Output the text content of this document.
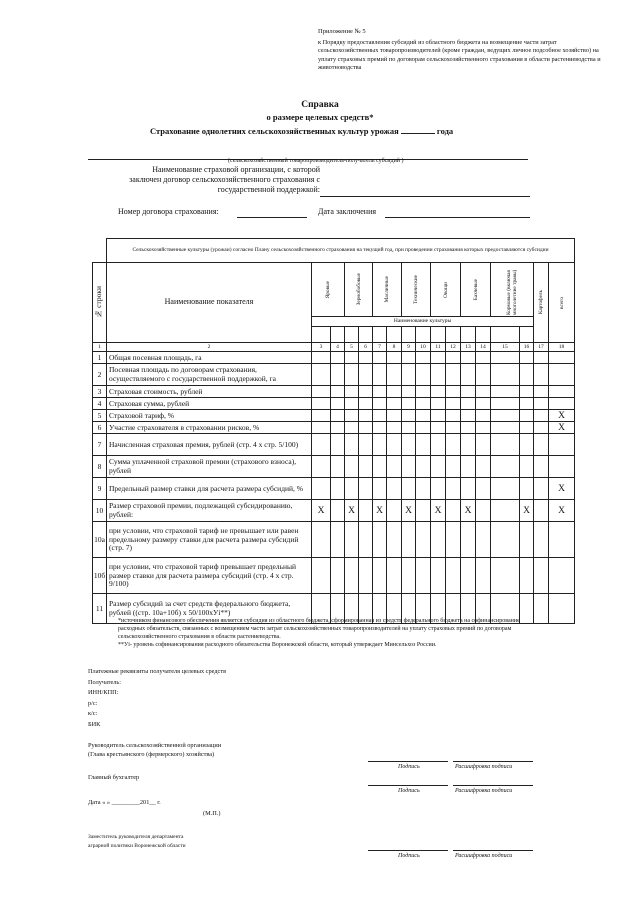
Приложение № 5
к Порядку предоставления субсидий из областного бюджета на возмещение части затрат сельскохозяйственных товаропроизводителей (кроме граждан, ведущих личное подсобное хозяйство) на уплату страховых премий по договорам сельскохозяйственного страхования в области растениеводства и животноводства
Справка
о размере целевых средств*
Страхование однолетних сельскохозяйственных культур урожая	года
(сельскохозяйственный товаропроизводитель-получатель субсидий )
Наименование страховой организации, с которой заключен договор сельскохозяйственного страхования с государственной поддержкой:
Номер договора страхования:	Дата заключения
	Сельскохозяйственные культуры (урожаи) согласно Плану сельскохозяйственного страхования на текущий год, при проведении страхования которых предоставляются субсидии																

№ строки	Наименование показателя	Яровые		Зернобобовые		Масличные		Технические		Овощи		Бахчевые		Кормовые (включая многолетние травы)		Картофель	всего

		Наименование культуры															

1	2	3	4	5	6	7	8	9	10	11	12	13	14	15	16	17	18
1	Общая посевная площадь, га																
2	Посевная площадь по договорам страхования, осуществляемого с государственной поддержкой, га																
3	Страховая стоимость, рублей																
4	Страховая сумма, рублей																
5	Страховой тариф, %																Х
6	Участие страхователя в страховании рисков, %																Х
7	Начисленная страховая премия, рублей (стр. 4 х стр. 5/100)																
8	Сумма уплаченной страховой премии (страхового взноса), рублей																
9	Предельный размер ставки для расчета размера субсидий, %																Х
10	Размер страховой премии, подлежащей субсидированию, рублей:	Х		Х		Х		Х		Х		Х			Х		Х
10а	при условии, что страховой тариф не превышает или равен предельному размеру ставки для расчета размера субсидий (стр. 7)																
10б	при условии, что страховой тариф превышает предельный размер ставки для расчета размера субсидий (стр. 4 х стр. 9/100)																
11	Размер субсидий за счет средств федерального бюджета, рублей ((стр. 10а+10б) х 50/100хУi**)																
*источником финансового обеспечения является субсидия из областного бюджета, сформированная из средств федерального бюджета на софинансирование расходных обязательств, связанных с возмещением части затрат сельскохозяйственных товаропроизводителей на уплату страховых премий по договорам сельскохозяйственного страхования в области растениеводства.
**Уi- уровень софинансирования расходного обязательства Воронежской области, который утверждает Минсельхоз России.
Платежные реквизиты получателя целевых средств
Получатель:
ИНН/КПП:
р/с:
к/с:
БИК
Руководитель сельскохозяйственной организации
(Глава крестьянского (фермерского) хозяйства)
Подпись	Расшифровка подписи
Главный бухгалтер
Подпись	Расшифровка подписи
Дата « » _________201__ г.
(М.П.)
Заместитель руководителя департамента
аграрной политики Воронежской области
Подпись	Расшифровка подписи
